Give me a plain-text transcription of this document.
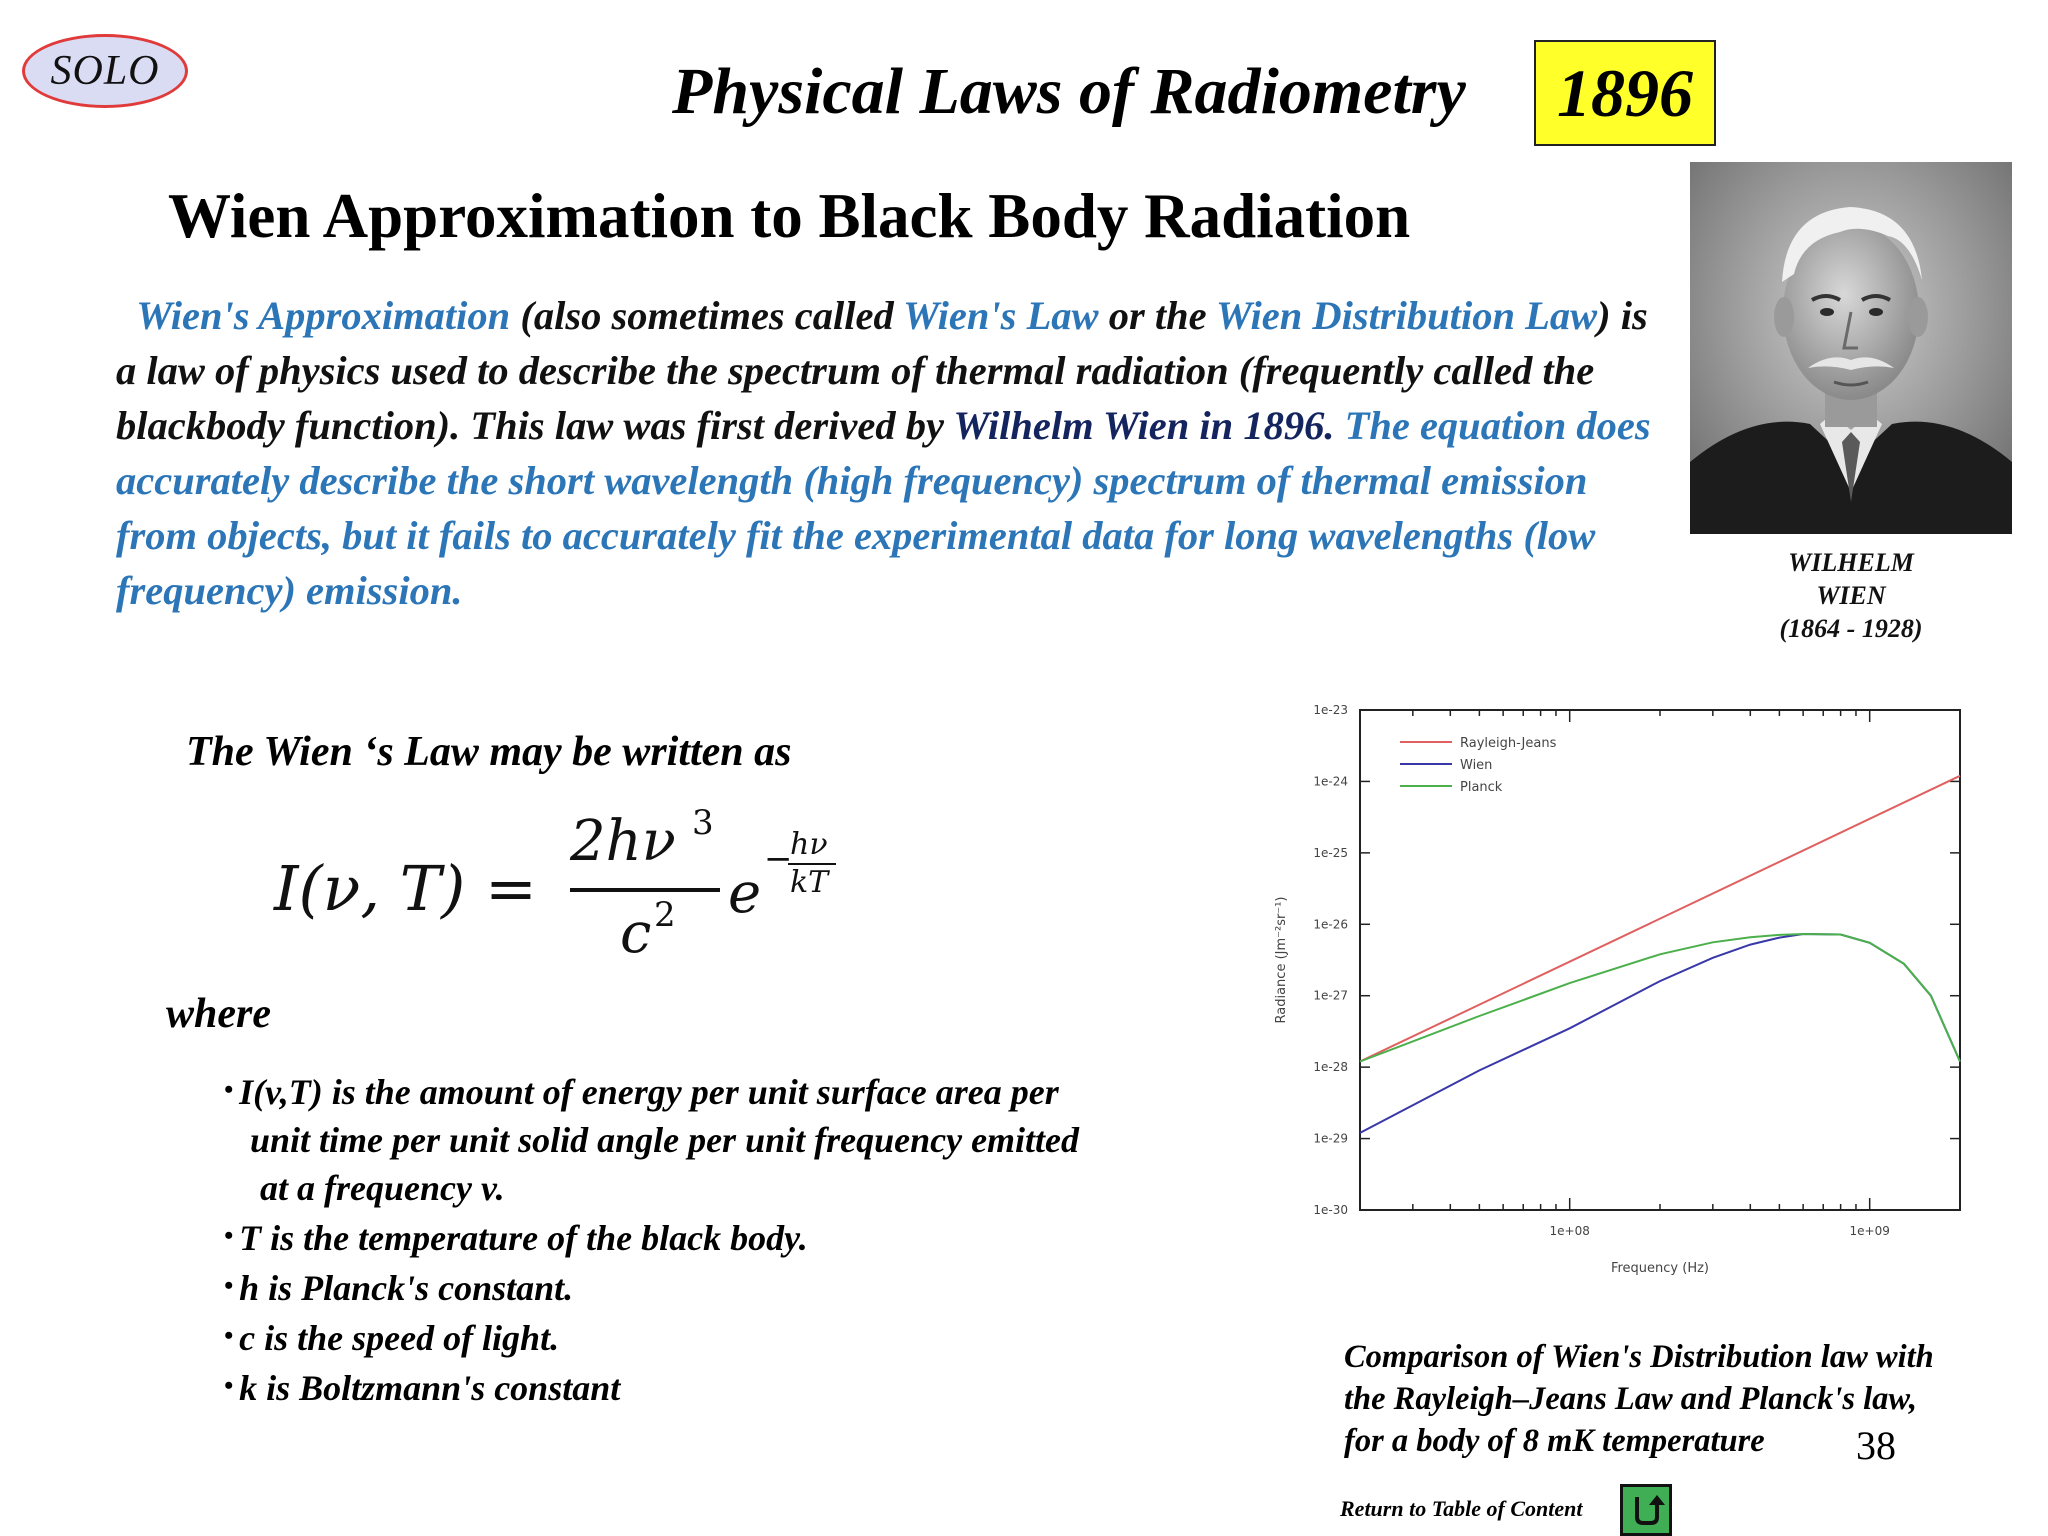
SOLO	Physical Laws of Radiometry	1896
Wien Approximation to Black Body Radiation
Wien's Approximation (also sometimes called Wien's Law or the Wien Distribution Law) is a law of physics used to describe the spectrum of thermal radiation (frequently called the blackbody function). This law was first derived by Wilhelm Wien in 1896. The equation does accurately describe the short wavelength (high frequency) spectrum of thermal emission from objects, but it fails to accurately fit the experimental data for long wavelengths (low frequency) emission.
WILHELM
WIEN
(1864 - 1928)
The Wien ‘s Law may be written as
I(ν, T) =
2hν 3
c 2 e
−
hν
kT
where
• I(v,T) is the amount of energy per unit surface area per
unit time per unit solid angle per unit frequency emitted
at a frequency v.
• T is the temperature of the black body.
• h is Planck's constant.
• c is the speed of light.
• k is Boltzmann's constant
1e+08	1e+09
1e-23
1e-24
1e-25
1e-26
1e-27
1e-28
1e-29
1e-30
Frequency (Hz)
Radiance (Jm⁻²sr⁻¹)
Rayleigh-Jeans
Wien
Planck
Comparison of Wien's Distribution law with
the Rayleigh–Jeans Law and Planck's law,
for a body of 8 mK temperature	38
Return to Table of Content
